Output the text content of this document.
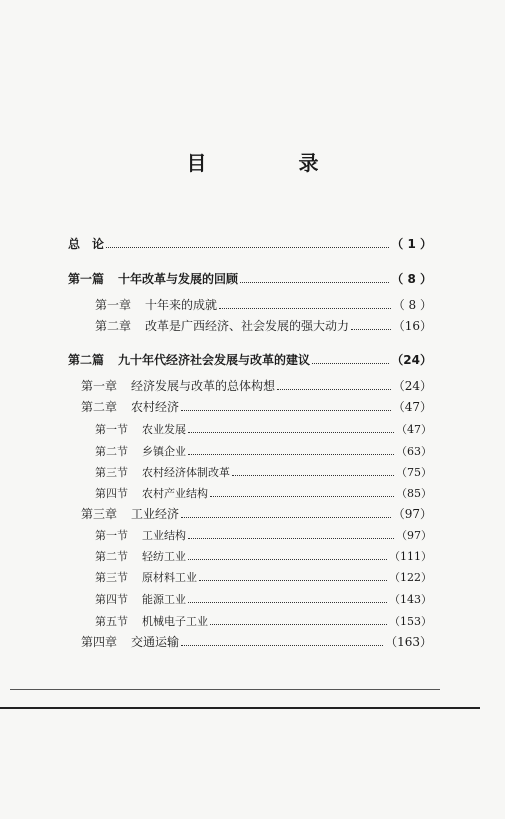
目　录
总　论	（ 1 ）
第一篇 十年改革与发展的回顾	（ 8 ）
第一章 十年来的成就	（ 8 ）
第二章 改革是广西经济、社会发展的强大动力	（16）
第二篇 九十年代经济社会发展与改革的建议	（24）
第一章 经济发展与改革的总体构想	（24）
第二章 农村经济	（47）
第一节 农业发展	（47）
第二节 乡镇企业	（63）
第三节 农村经济体制改革	（75）
第四节 农村产业结构	（85）
第三章 工业经济	（97）
第一节 工业结构	（97）
第二节 轻纺工业	（111）
第三节 原材料工业	（122）
第四节 能源工业	（143）
第五节 机械电子工业	（153）
第四章 交通运输	（163）
